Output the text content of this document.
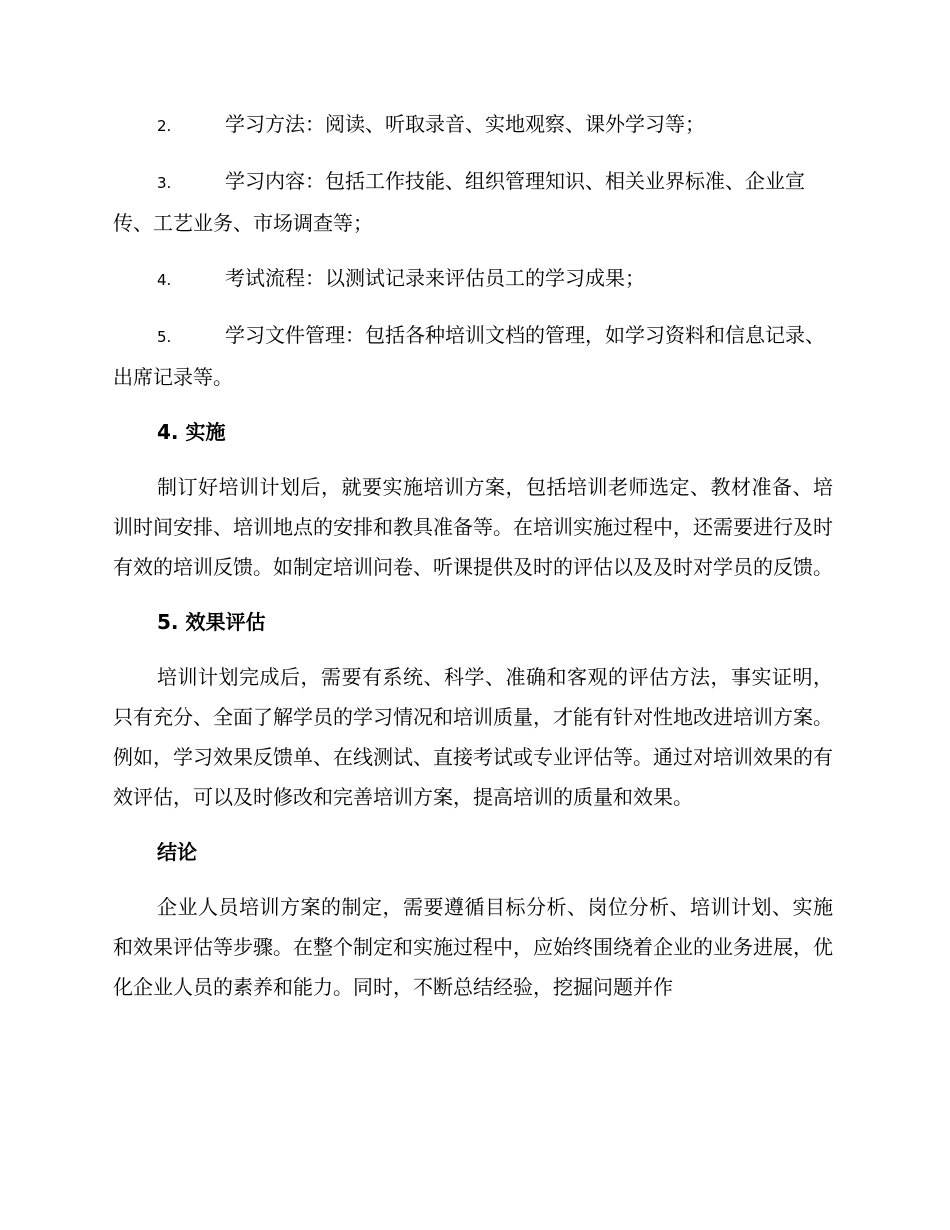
2.	学习方法：阅读、听取录音、实地观察、课外学习等；
3.	学习内容：包括工作技能、组织管理知识、相关业界标准、企业宣传、工艺业务、市场调查等；
4.	考试流程：以测试记录来评估员工的学习成果；
5.	学习文件管理：包括各种培训文档的管理，如学习资料和信息记录、出席记录等。
4. 实施

制订好培训计划后，就要实施培训方案，包括培训老师选定、教材准备、培训时间安排、培训地点的安排和教具准备等。在培训实施过程中，还需要进行及时有效的培训反馈。如制定培训问卷、听课提供及时的评估以及及时对学员的反馈。

5. 效果评估

培训计划完成后，需要有系统、科学、准确和客观的评估方法，事实证明，只有充分、全面了解学员的学习情况和培训质量，才能有针对性地改进培训方案。例如，学习效果反馈单、在线测试、直接考试或专业评估等。通过对培训效果的有效评估，可以及时修改和完善培训方案，提高培训的质量和效果。

结论

企业人员培训方案的制定，需要遵循目标分析、岗位分析、培训计划、实施和效果评估等步骤。在整个制定和实施过程中，应始终围绕着企业的业务进展，优化企业人员的素养和能力。同时，不断总结经验，挖掘问题并作
